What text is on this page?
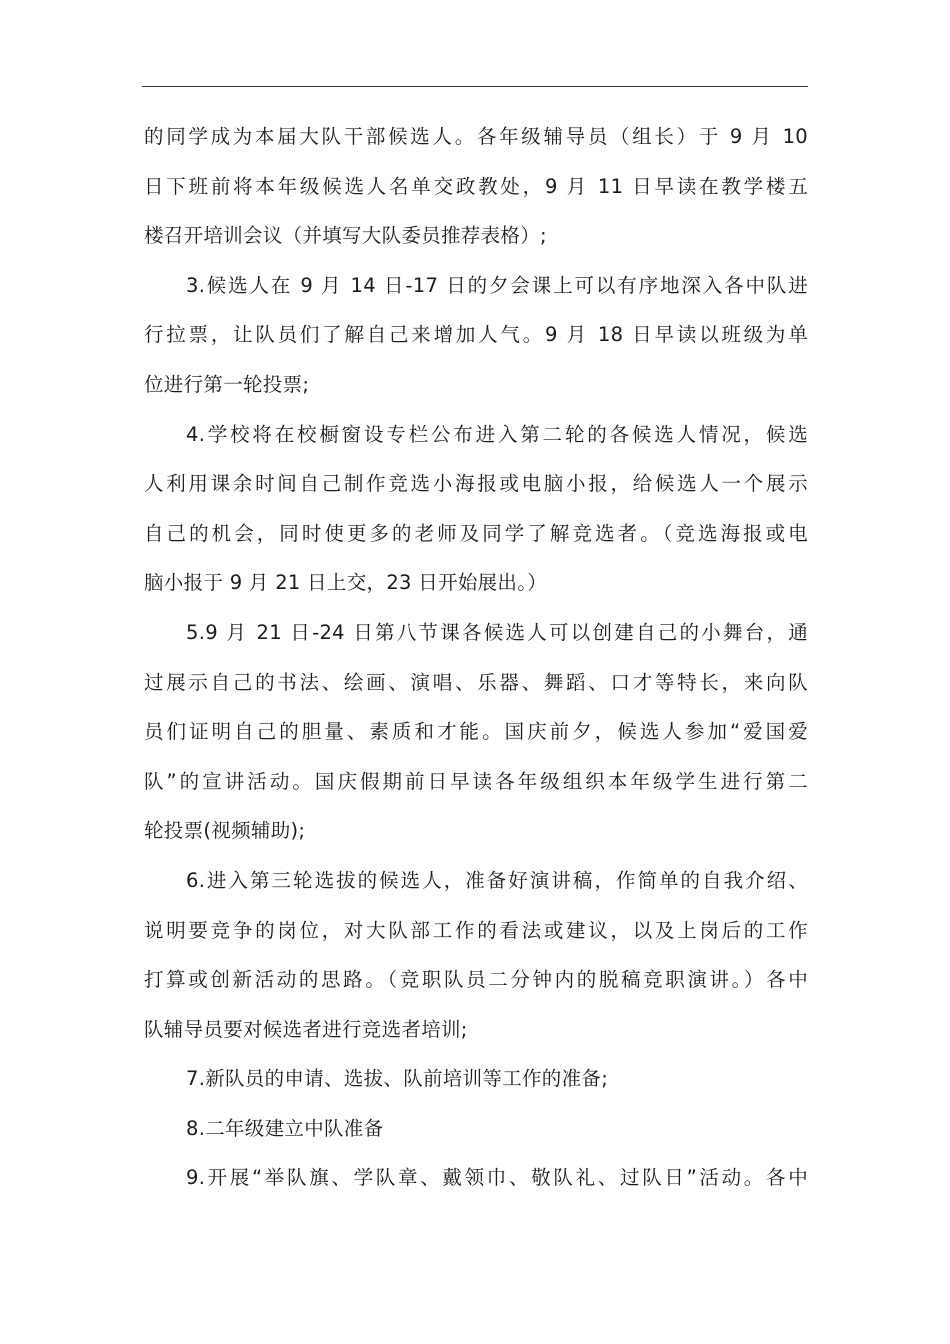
的同学成为本届大队干部候选人。各年级辅导员（组长）于 9 月 10
日下班前将本年级候选人名单交政教处，9 月 11 日早读在教学楼五
楼召开培训会议（并填写大队委员推荐表格）;
3.候选人在 9 月 14 日-17 日的夕会课上可以有序地深入各中队进
行拉票，让队员们了解自己来增加人气。9 月 18 日早读以班级为单
位进行第一轮投票;
4.学校将在校橱窗设专栏公布进入第二轮的各候选人情况，候选
人利用课余时间自己制作竞选小海报或电脑小报，给候选人一个展示
自己的机会，同时使更多的老师及同学了解竞选者。（竞选海报或电
脑小报于 9 月 21 日上交，23 日开始展出。）
5.9 月 21 日-24 日第八节课各候选人可以创建自己的小舞台，通
过展示自己的书法、绘画、演唱、乐器、舞蹈、口才等特长，来向队
员们证明自己的胆量、素质和才能。国庆前夕，候选人参加“爱国爱
队”的宣讲活动。国庆假期前日早读各年级组织本年级学生进行第二
轮投票(视频辅助);
6.进入第三轮选拔的候选人，准备好演讲稿，作简单的自我介绍、
说明要竞争的岗位，对大队部工作的看法或建议，以及上岗后的工作
打算或创新活动的思路。（竞职队员二分钟内的脱稿竞职演讲。）各中
队辅导员要对候选者进行竞选者培训;
7.新队员的申请、选拔、队前培训等工作的准备;
8.二年级建立中队准备
9.开展“举队旗、学队章、戴领巾、敬队礼、过队日”活动。各中
